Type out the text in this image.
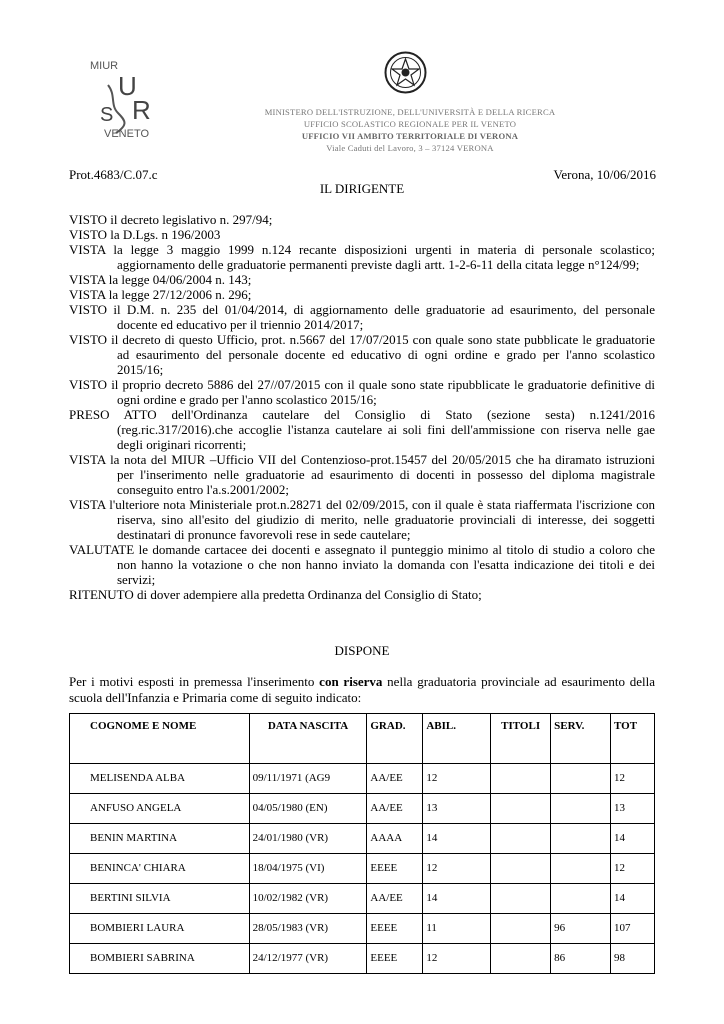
MIUR
U
R
S
VENETO
MINISTERO DELL'ISTRUZIONE, DELL'UNIVERSITÀ E DELLA RICERCA
UFFICIO SCOLASTICO REGIONALE PER IL VENETO
UFFICIO VII AMBITO TERRITORIALE DI VERONA
Viale Caduti del Lavoro, 3 – 37124 VERONA
Prot.4683/C.07.c	Verona, 10/06/2016
IL DIRIGENTE

VISTO il decreto legislativo n. 297/94;

VISTO la D.Lgs. n 196/2003

VISTA la legge 3 maggio 1999 n.124 recante disposizioni urgenti in materia di personale scolastico; aggiornamento delle graduatorie permanenti previste dagli artt. 1-2-6-11 della citata legge n°124/99;

VISTA la legge 04/06/2004 n. 143;

VISTA la legge 27/12/2006 n. 296;

VISTO il D.M. n. 235 del 01/04/2014, di aggiornamento delle graduatorie ad esaurimento, del personale docente ed educativo per il triennio 2014/2017;

VISTO il decreto di questo Ufficio, prot. n.5667 del 17/07/2015 con quale sono state pubblicate le graduatorie ad esaurimento del personale docente ed educativo di ogni ordine e grado per l'anno scolastico 2015/16;

VISTO il proprio decreto 5886 del 27//07/2015 con il quale sono state ripubblicate le graduatorie definitive di ogni ordine e grado per l'anno scolastico 2015/16;

PRESO ATTO dell'Ordinanza cautelare del Consiglio di Stato (sezione sesta) n.1241/2016 (reg.ric.317/2016).che accoglie l'istanza cautelare ai soli fini dell'ammissione con riserva nelle gae degli originari ricorrenti;

VISTA la nota del MIUR –Ufficio VII del Contenzioso-prot.15457 del 20/05/2015 che ha diramato istruzioni per l'inserimento nelle graduatorie ad esaurimento di docenti in possesso del diploma magistrale conseguito entro l'a.s.2001/2002;

VISTA l'ulteriore nota Ministeriale prot.n.28271 del 02/09/2015, con il quale è stata riaffermata l'iscrizione con riserva, sino all'esito del giudizio di merito, nelle graduatorie provinciali di interesse, dei soggetti destinatari di pronunce favorevoli rese in sede cautelare;

VALUTATE le domande cartacee dei docenti e assegnato il punteggio minimo al titolo di studio a coloro che non hanno la votazione o che non hanno inviato la domanda con l'esatta indicazione dei titoli e dei servizi;

RITENUTO di dover adempiere alla predetta Ordinanza del Consiglio di Stato;

DISPONE
Per i motivi esposti in premessa l'inserimento con riserva nella graduatoria provinciale ad esaurimento della scuola dell'Infanzia e Primaria come di seguito indicato:
COGNOME E NOME	DATA NASCITA	GRAD.	ABIL.	TITOLI	SERV.	TOT
MELISENDA ALBA	09/11/1971 (AG9	AA/EE	12			12
ANFUSO ANGELA	04/05/1980 (EN)	AA/EE	13			13
BENIN MARTINA	24/01/1980 (VR)	AAAA	14			14
BENINCA' CHIARA	18/04/1975 (VI)	EEEE	12			12
BERTINI SILVIA	10/02/1982 (VR)	AA/EE	14			14
BOMBIERI LAURA	28/05/1983 (VR)	EEEE	11		96	107
BOMBIERI SABRINA	24/12/1977 (VR)	EEEE	12		86	98
